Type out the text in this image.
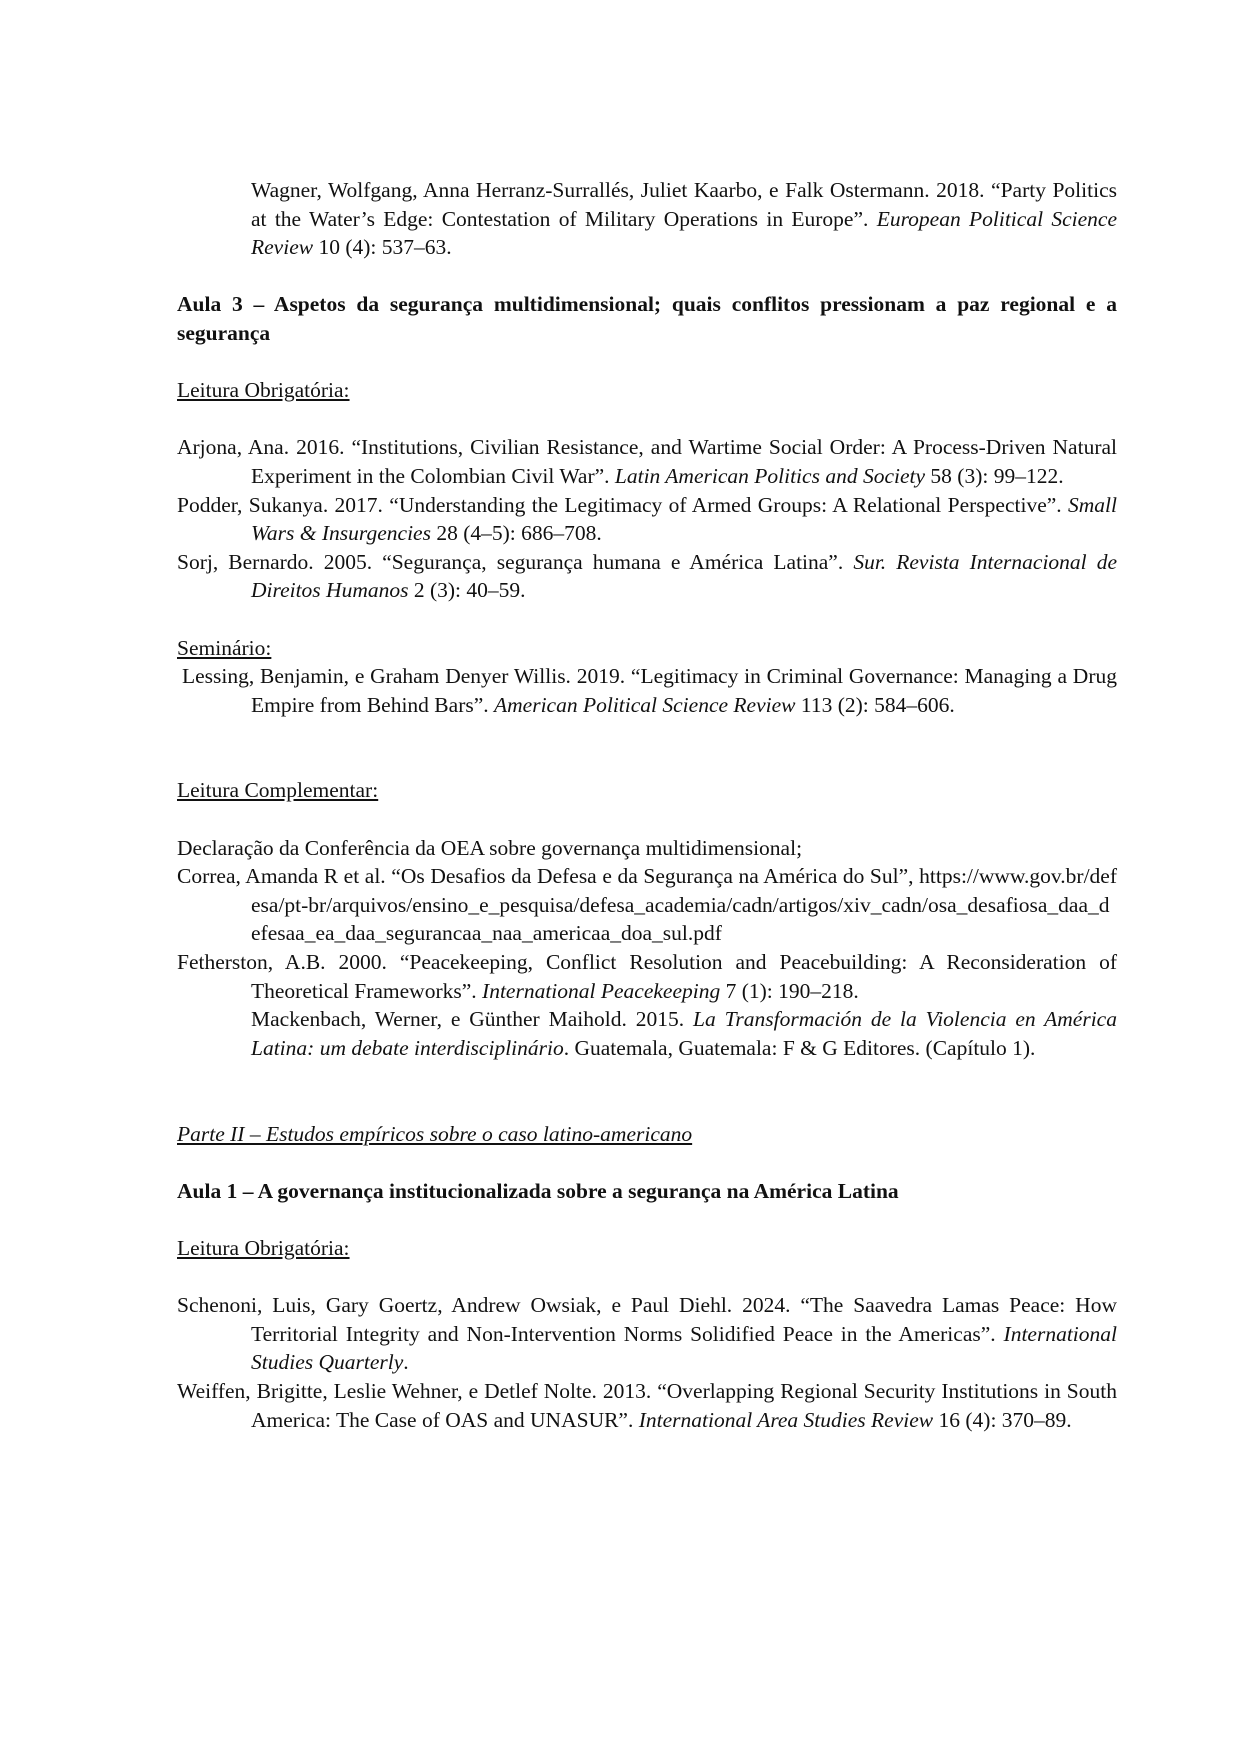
Wagner, Wolfgang, Anna Herranz-Surrallés, Juliet Kaarbo, e Falk Ostermann. 2018. “Party Politics at the Water’s Edge: Contestation of Military Operations in Europe”. European Political Science Review 10 (4): 537–63.

Aula 3 – Aspetos da segurança multidimensional; quais conflitos pressionam a paz regional e a segurança

Leitura Obrigatória:

Arjona, Ana. 2016. “Institutions, Civilian Resistance, and Wartime Social Order: A Process-Driven Natural Experiment in the Colombian Civil War”. Latin American Politics and Society 58 (3): 99–122.

Podder, Sukanya. 2017. “Understanding the Legitimacy of Armed Groups: A Relational Perspective”. Small Wars & Insurgencies 28 (4–5): 686–708.

Sorj, Bernardo. 2005. “Segurança, segurança humana e América Latina”. Sur. Revista Internacional de Direitos Humanos 2 (3): 40–59.

Seminário:

Lessing, Benjamin, e Graham Denyer Willis. 2019. “Legitimacy in Criminal Governance: Managing a Drug Empire from Behind Bars”. American Political Science Review 113 (2): 584–606.

Leitura Complementar:

Declaração da Conferência da OEA sobre governança multidimensional;

Correa, Amanda R et al. “Os Desafios da Defesa e da Segurança na América do Sul”, https://www.gov.br/defesa/pt-br/arquivos/ensino_e_pesquisa/defesa_academia/cadn/artigos/xiv_cadn/osa_desafiosa_daa_defesaa_ea_daa_segurancaa_naa_americaa_doa_sul.pdf

Fetherston, A.B. 2000. “Peacekeeping, Conflict Resolution and Peacebuilding: A Reconsideration of Theoretical Frameworks”. International Peacekeeping 7 (1): 190–218.

Mackenbach, Werner, e Günther Maihold. 2015. La Transformación de la Violencia en América Latina: um debate interdisciplinário. Guatemala, Guatemala: F & G Editores. (Capítulo 1).

Parte II – Estudos empíricos sobre o caso latino-americano

Aula 1 – A governança institucionalizada sobre a segurança na América Latina

Leitura Obrigatória:

Schenoni, Luis, Gary Goertz, Andrew Owsiak, e Paul Diehl. 2024. “The Saavedra Lamas Peace: How Territorial Integrity and Non-Intervention Norms Solidified Peace in the Americas”. International Studies Quarterly.

Weiffen, Brigitte, Leslie Wehner, e Detlef Nolte. 2013. “Overlapping Regional Security Institutions in South America: The Case of OAS and UNASUR”. International Area Studies Review 16 (4): 370–89.
